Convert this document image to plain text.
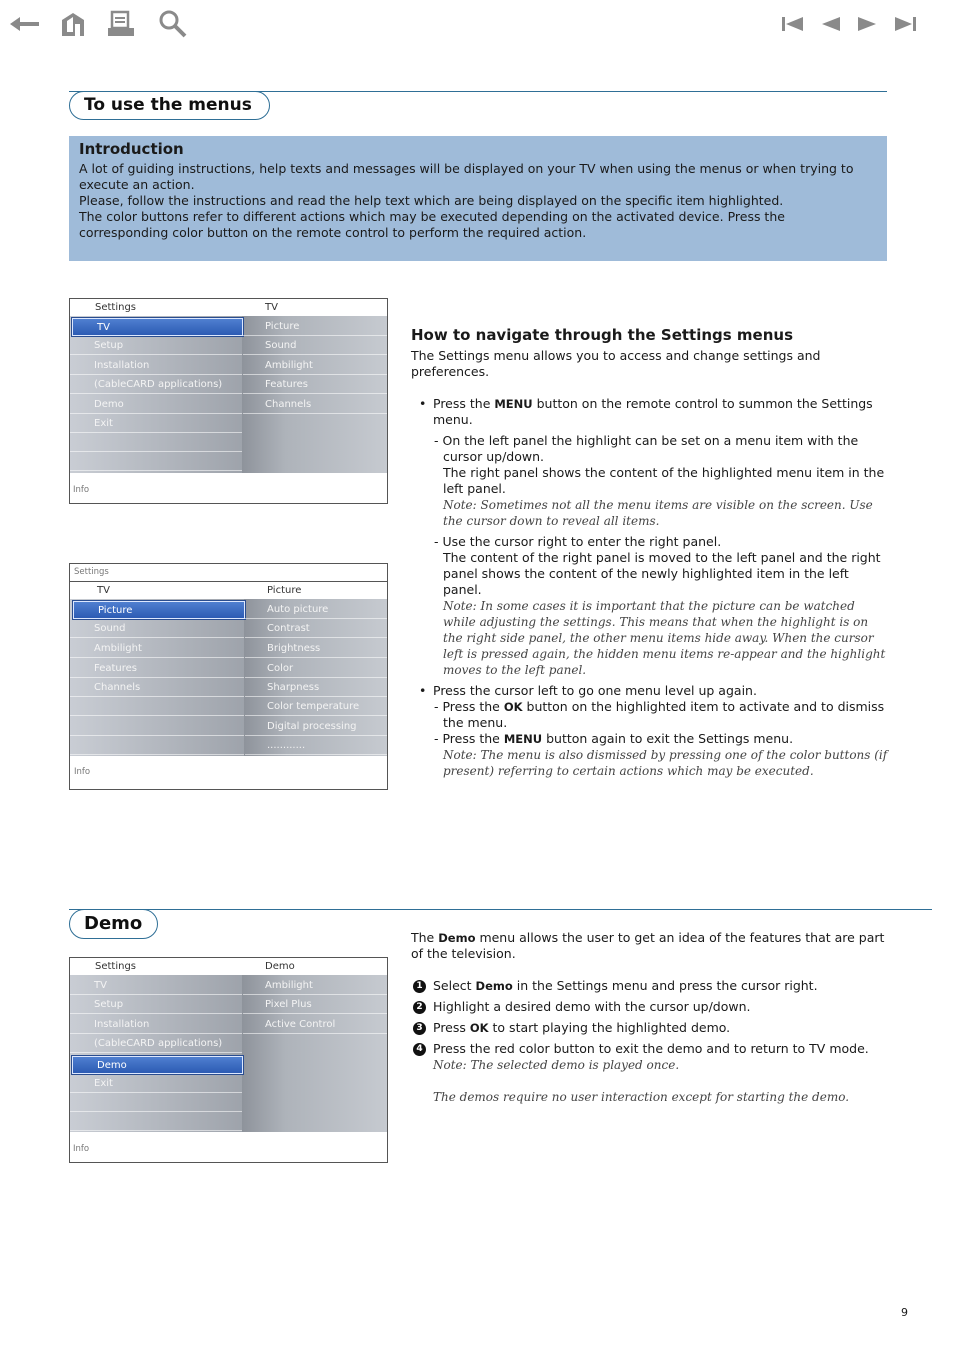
To use the menus
Introduction

A lot of guiding instructions, help texts and messages will be displayed on your TV when using the menus or when trying to execute an action.

Please, follow the instructions and read the help text which are being displayed on the specific item highlighted.

The color buttons refer to different actions which may be executed depending on the activated device. Press the corresponding color button on the remote control to perform the required action.

Settings	TV
TV
Setup
Installation
(CableCARD applications)
Demo
Exit
Picture
Sound
Ambilight
Features
Channels
Info
Settings
TV	Picture
Picture
Sound
Ambilight
Features
Channels
Auto picture
Contrast
Brightness
Color
Sharpness
Color temperature
Digital processing
............
Info
How to navigate through the Settings menus

The Settings menu allows you to access and change settings and preferences.

• Press the MENU button on the remote control to summon the Settings menu.

- On the left panel the highlight can be set on a menu item with the cursor up/down.

The right panel shows the content of the highlighted menu item in the left panel.

Note: Sometimes not all the menu items are visible on the screen. Use the cursor down to reveal all items.

- Use the cursor right to enter the right panel.

The content of the right panel is moved to the left panel and the right panel shows the content of the newly highlighted item in the left panel.

Note: In some cases it is important that the picture can be watched while adjusting the settings. This means that when the highlight is on the right side panel, the other menu items hide away. When the cursor left is pressed again, the hidden menu items re-appear and the highlight moves to the left panel.

• Press the cursor left to go one menu level up again.

- Press the OK button on the highlighted item to activate and to dismiss the menu.

- Press the MENU button again to exit the Settings menu.

Note: The menu is also dismissed by pressing one of the color buttons (if present) referring to certain actions which may be executed.

Demo
Settings	Demo
TV
Setup
Installation
(CableCARD applications)
Demo
Exit
Ambilight
Pixel Plus
Active Control
Info

The Demo menu allows the user to get an idea of the features that are part of the television.

1 Select Demo in the Settings menu and press the cursor right.

2 Highlight a desired demo with the cursor up/down.

3 Press OK to start playing the highlighted demo.

4 Press the red color button to exit the demo and to return to TV mode.

Note: The selected demo is played once.

The demos require no user interaction except for starting the demo.

9
